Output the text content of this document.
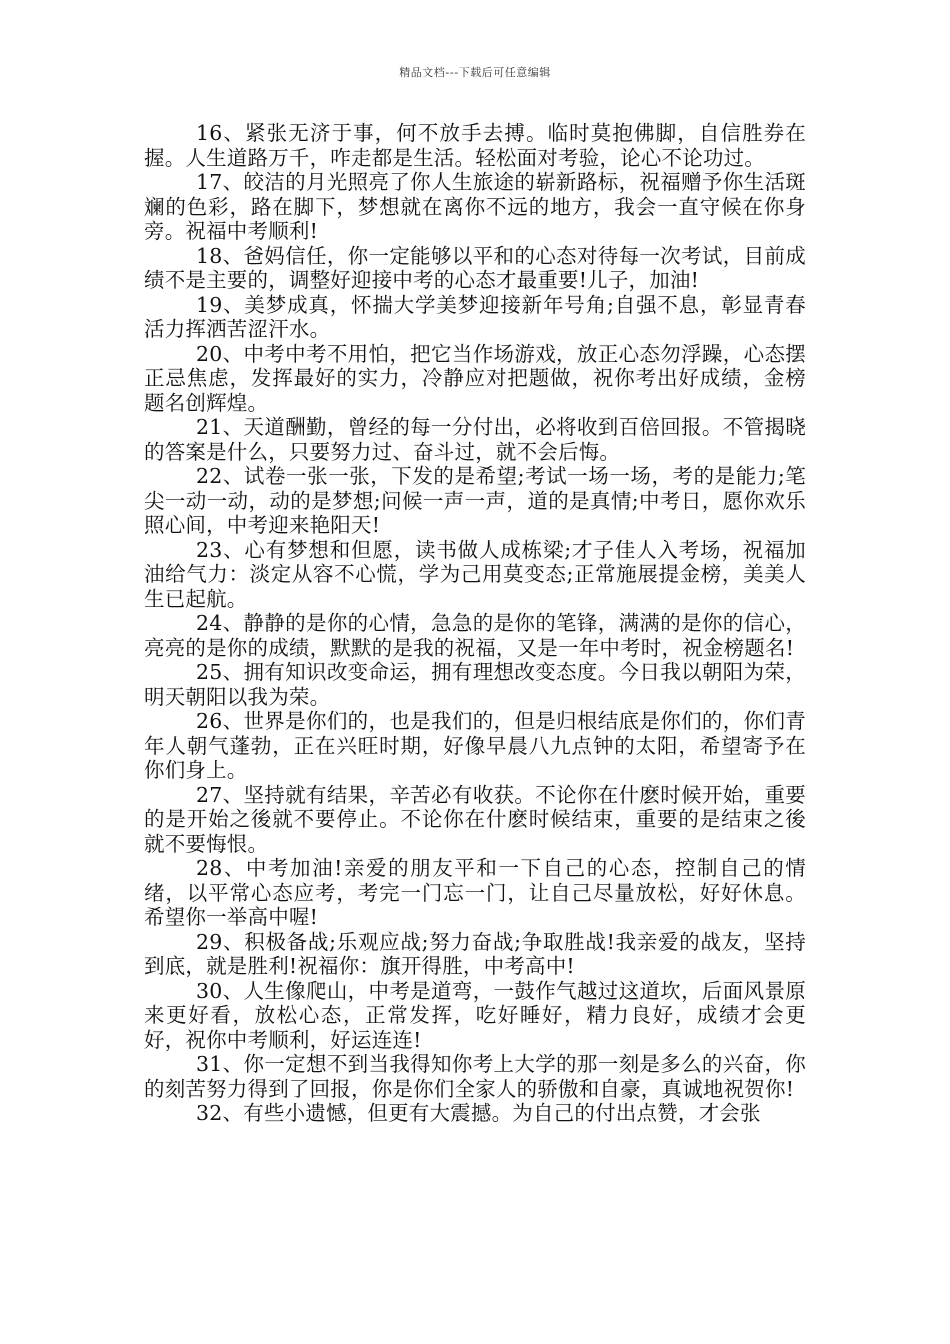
精品文档---下载后可任意编辑

16、紧张无济于事，何不放手去搏。临时莫抱佛脚，自信胜券在握。人生道路万千，咋走都是生活。轻松面对考验，论心不论功过。

17、皎洁的月光照亮了你人生旅途的崭新路标，祝福赠予你生活斑斓的色彩，路在脚下，梦想就在离你不远的地方，我会一直守候在你身旁。祝福中考顺利!

18、爸妈信任，你一定能够以平和的心态对待每一次考试，目前成绩不是主要的，调整好迎接中考的心态才最重要!儿子，加油!

19、美梦成真，怀揣大学美梦迎接新年号角;自强不息，彰显青春活力挥洒苦涩汗水。

20、中考中考不用怕，把它当作场游戏，放正心态勿浮躁，心态摆正忌焦虑，发挥最好的实力，冷静应对把题做，祝你考出好成绩，金榜题名创辉煌。

21、天道酬勤，曾经的每一分付出，必将收到百倍回报。不管揭晓的答案是什么，只要努力过、奋斗过，就不会后悔。

22、试卷一张一张，下发的是希望;考试一场一场，考的是能力;笔尖一动一动，动的是梦想;问候一声一声，道的是真情;中考日，愿你欢乐照心间，中考迎来艳阳天!

23、心有梦想和但愿，读书做人成栋梁;才子佳人入考场，祝福加油给气力：淡定从容不心慌，学为己用莫变态;正常施展提金榜，美美人生已起航。

24、静静的是你的心情，急急的是你的笔锋，满满的是你的信心，亮亮的是你的成绩，默默的是我的祝福，又是一年中考时，祝金榜题名!

25、拥有知识改变命运，拥有理想改变态度。今日我以朝阳为荣，明天朝阳以我为荣。

26、世界是你们的，也是我们的，但是归根结底是你们的，你们青年人朝气蓬勃，正在兴旺时期，好像早晨八九点钟的太阳，希望寄予在你们身上。

27、坚持就有结果，辛苦必有收获。不论你在什麽时候开始，重要的是开始之後就不要停止。不论你在什麽时候结束，重要的是结束之後就不要悔恨。

28、中考加油!亲爱的朋友平和一下自己的心态，控制自己的情绪，以平常心态应考，考完一门忘一门，让自己尽量放松，好好休息。希望你一举高中喔!

29、积极备战;乐观应战;努力奋战;争取胜战!我亲爱的战友，坚持到底，就是胜利!祝福你：旗开得胜，中考高中!

30、人生像爬山，中考是道弯，一鼓作气越过这道坎，后面风景原来更好看，放松心态，正常发挥，吃好睡好，精力良好，成绩才会更好，祝你中考顺利，好运连连!

31、你一定想不到当我得知你考上大学的那一刻是多么的兴奋，你的刻苦努力得到了回报，你是你们全家人的骄傲和自豪，真诚地祝贺你!

32、有些小遗憾，但更有大震撼。为自己的付出点赞，才会张
